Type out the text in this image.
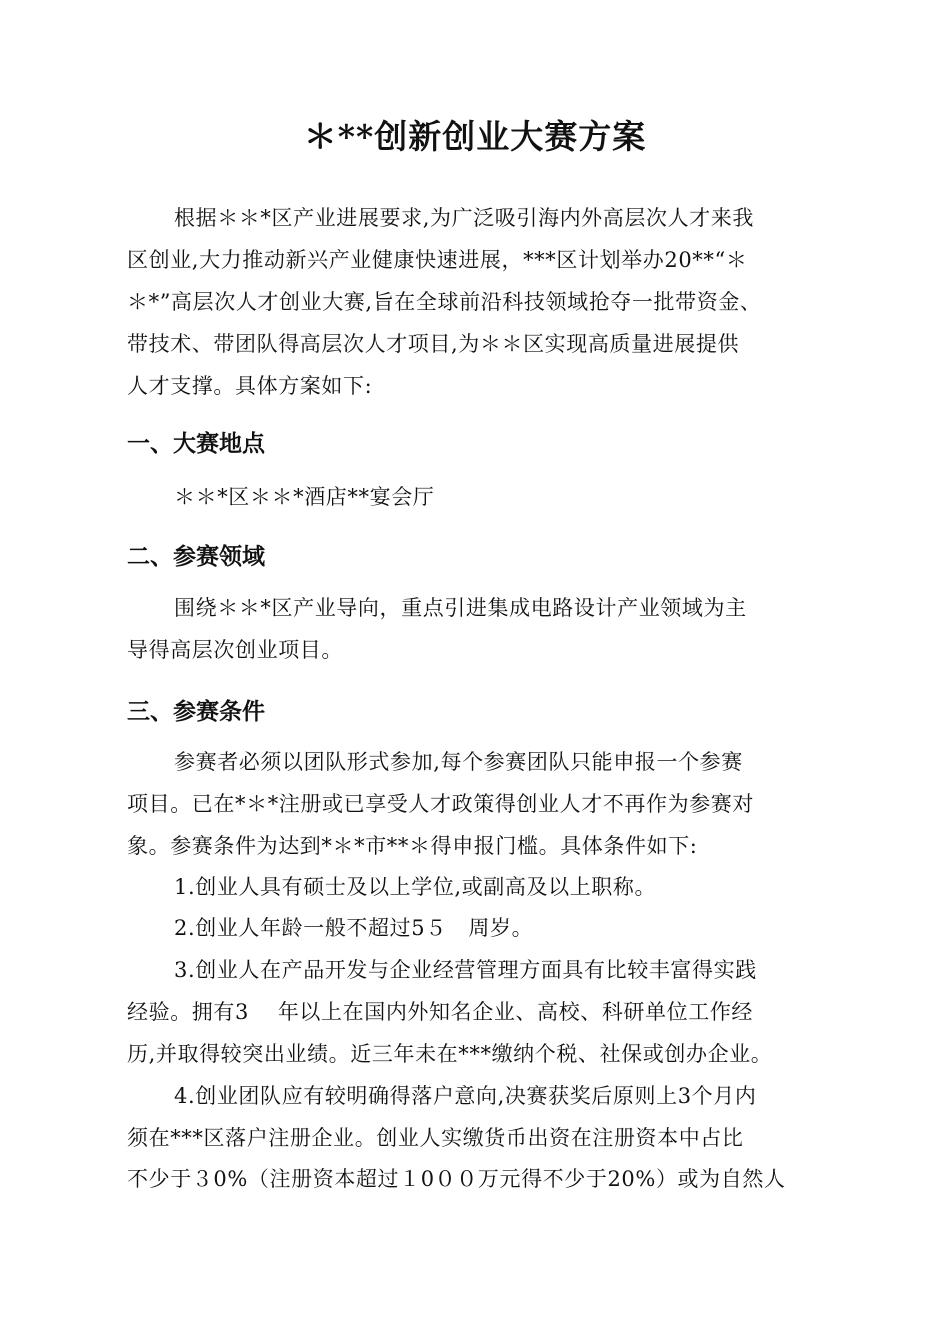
＊**创新创业大赛方案
根据＊＊*区产业进展要求,为广泛吸引海内外高层次人才来我
区创业,大力推动新兴产业健康快速进展，***区计划举办20**“＊
＊*”高层次人才创业大赛,旨在全球前沿科技领域抢夺一批带资金、
带技术、带团队得高层次人才项目,为＊＊区实现高质量进展提供
人才支撑。具体方案如下:
一、大赛地点
＊＊*区＊＊*酒店**宴会厅
二、参赛领域
围绕＊＊*区产业导向，重点引进集成电路设计产业领域为主
导得高层次创业项目。
三、参赛条件
参赛者必须以团队形式参加,每个参赛团队只能申报一个参赛
项目。已在*＊*注册或已享受人才政策得创业人才不再作为参赛对
象。参赛条件为达到*＊*市**＊得申报门槛。具体条件如下:
1.创业人具有硕士及以上学位,或副高及以上职称。
2.创业人年龄一般不超过5５　周岁。
3.创业人在产品开发与企业经营管理方面具有比较丰富得实践
经验。拥有3　 年以上在国内外知名企业、高校、科研单位工作经
历,并取得较突出业绩。近三年未在***缴纳个税、社保或创办企业。
4.创业团队应有较明确得落户意向,决赛获奖后原则上3个月内
须在***区落户注册企业。创业人实缴货币出资在注册资本中占比
不少于３0%（注册资本超过１0００万元得不少于20%）或为自然人
